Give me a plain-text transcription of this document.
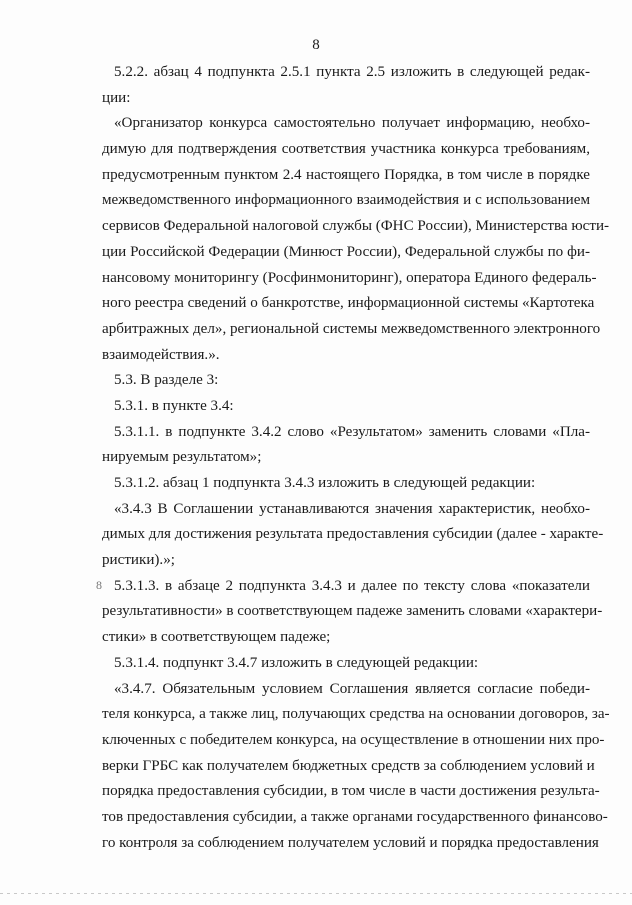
8
5.2.2. абзац 4 подпункта 2.5.1 пункта 2.5 изложить в следующей редак-
ции:
«Организатор конкурса самостоятельно получает информацию, необхо-
димую для подтверждения соответствия участника конкурса требованиям,
предусмотренным пунктом 2.4 настоящего Порядка, в том числе в порядке
межведомственного информационного взаимодействия и с использованием
сервисов Федеральной налоговой службы (ФНС России), Министерства юсти-
ции Российской Федерации (Минюст России), Федеральной службы по фи-
нансовому мониторингу (Росфинмониторинг), оператора Единого федераль-
ного реестра сведений о банкротстве, информационной системы «Картотека
арбитражных дел», региональной системы межведомственного электронного
взаимодействия.».
5.3. В разделе 3:
5.3.1. в пункте 3.4:
5.3.1.1. в подпункте 3.4.2 слово «Результатом» заменить словами «Пла-
нируемым результатом»;
5.3.1.2. абзац 1 подпункта 3.4.3 изложить в следующей редакции:
«3.4.3 В Соглашении устанавливаются значения характеристик, необхо-
димых для достижения результата предоставления субсидии (далее - характе-
ристики).»;
5.3.1.3. в абзаце 2 подпункта 3.4.3 и далее по тексту слова «показатели
результативности» в соответствующем падеже заменить словами «характери-
стики» в соответствующем падеже;
5.3.1.4. подпункт 3.4.7 изложить в следующей редакции:
«3.4.7. Обязательным условием Соглашения является согласие победи-
теля конкурса, а также лиц, получающих средства на основании договоров, за-
ключенных с победителем конкурса, на осуществление в отношении них про-
верки ГРБС как получателем бюджетных средств за соблюдением условий и
порядка предоставления субсидии, в том числе в части достижения результа-
тов предоставления субсидии, а также органами государственного финансово-
го контроля за соблюдением получателем условий и порядка предоставления
8
